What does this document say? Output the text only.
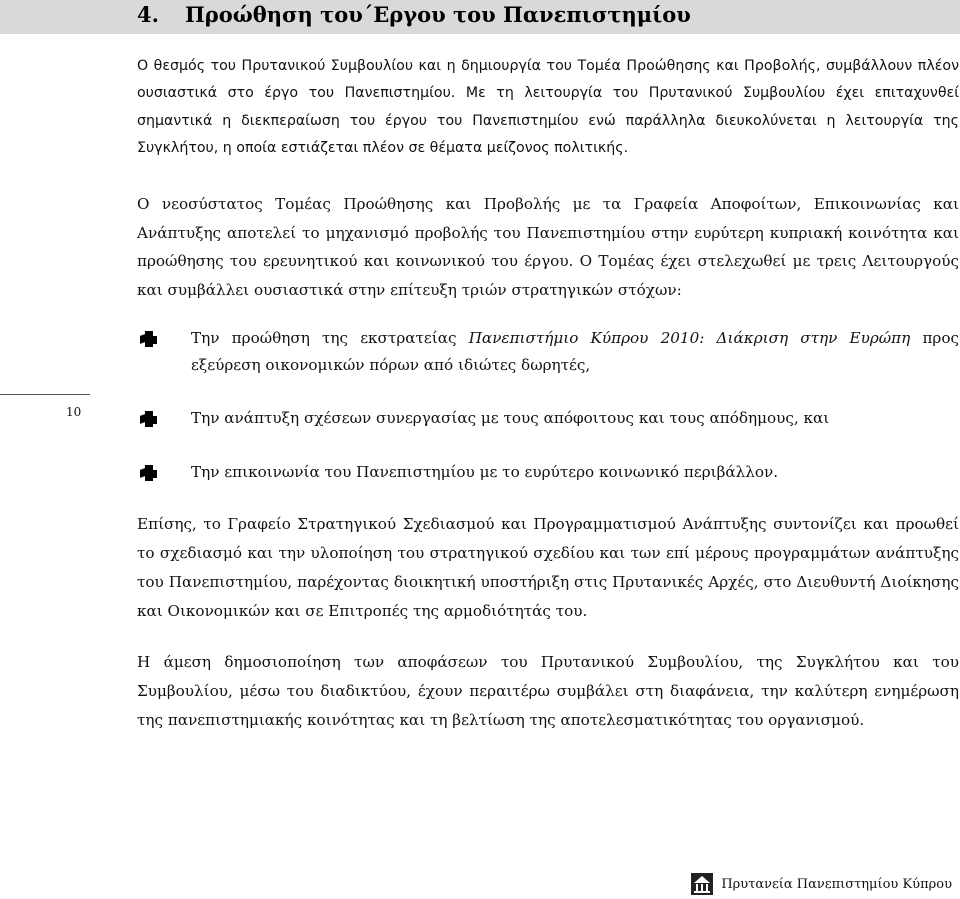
4. Προώθηση του΄Εργου του Πανεπιστημίου

Ο θεσμός του Πρυτανικού Συμβουλίου και η δημιουργία του Τομέα Προώθησης και Προβολής, συμβάλλουν πλέον ουσιαστικά στο έργο του Πανεπιστημίου. Με τη λειτουργία του Πρυτανικού Συμβουλίου έχει επιταχυνθεί σημαντικά η διεκπεραίωση του έργου του Πανεπιστημίου ενώ παράλληλα διευκολύνεται η λειτουργία της Συγκλήτου, η οποία εστιάζεται πλέον σε θέματα μείζονος πολιτικής.

Ο νεοσύστατος Τομέας Προώθησης και Προβολής με τα Γραφεία Αποφοίτων, Επικοινωνίας και Ανάπτυξης αποτελεί το μηχανισμό προβολής του Πανεπιστημίου στην ευρύτερη κυπριακή κοινότητα και προώθησης του ερευνητικού και κοινωνικού του έργου. Ο Τομέας έχει στελεχωθεί με τρεις Λειτουργούς και συμβάλλει ουσιαστικά στην επίτευξη τριών στρατηγικών στόχων:

Την προώθηση της εκστρατείας Πανεπιστήμιο Κύπρου 2010: Διάκριση στην Ευρώπη προς εξεύρεση οικονομικών πόρων από ιδιώτες δωρητές,
Την ανάπτυξη σχέσεων συνεργασίας με τους απόφοιτους και τους απόδημους, και
Την επικοινωνία του Πανεπιστημίου με το ευρύτερο κοινωνικό περιβάλλον.
10

Επίσης, το Γραφείο Στρατηγικού Σχεδιασμού και Προγραμματισμού Ανάπτυξης συντονίζει και προωθεί το σχεδιασμό και την υλοποίηση του στρατηγικού σχεδίου και των επί μέρους προγραμμάτων ανάπτυξης του Πανεπιστημίου, παρέχοντας διοικητική υποστήριξη στις Πρυτανικές Αρχές, στο Διευθυντή Διοίκησης και Οικονομικών και σε Επιτροπές της αρμοδιότητάς του.

Η άμεση δημοσιοποίηση των αποφάσεων του Πρυτανικού Συμβουλίου, της Συγκλήτου και του Συμβουλίου, μέσω του διαδικτύου, έχουν περαιτέρω συμβάλει στη διαφάνεια, την καλύτερη ενημέρωση της πανεπιστημιακής κοινότητας και τη βελτίωση της αποτελεσματικότητας του οργανισμού.

Πρυτανεία Πανεπιστημίου Κύπρου
